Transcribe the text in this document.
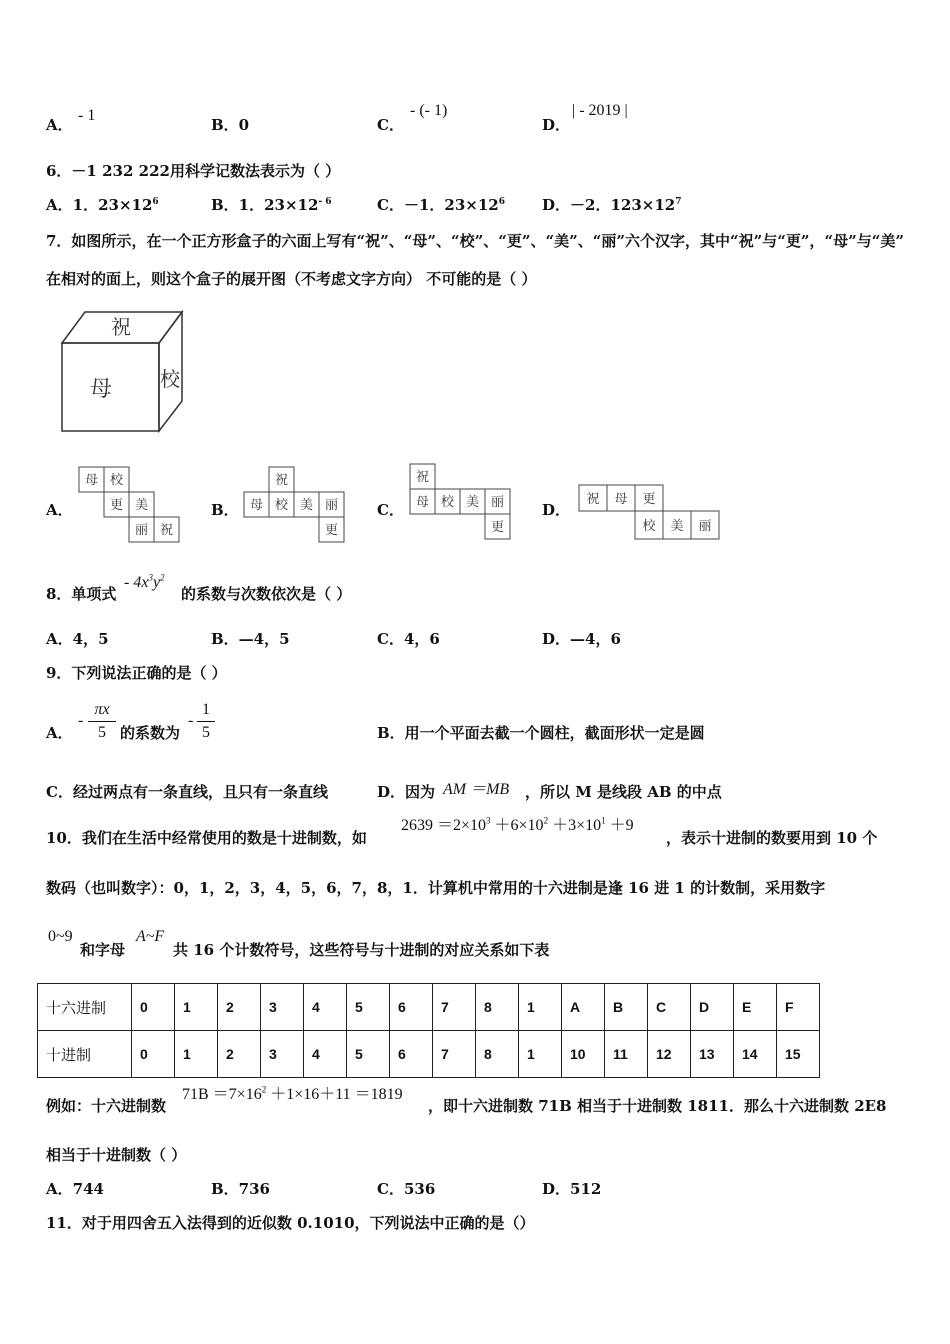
A．
- 1
B．0	C．
- (- 1)
D．
| - 2019 |
6．－1 232 222用科学记数法表示为（ ）
A．1．$23\times 12^6$	B．1．$23\times 12^{- 6}$	C．－1．$23\times 12^6$ D．－2．$123\times 12^7$
7．如图所示，在一个正方形盒子的六面上写有“祝”、“母”、“校”、“更”、“美”、“丽”六个汉字，其中“祝”与“更”，“母”与“美”
在相对的面上，则这个盒子的展开图（不考虑文字方向） 不可能的是（ ）
祝
母 校
A．	B．	C．	D．
母 校
更 美
丽 祝
祝
母 校 美 丽
更
祝
母 校 美 丽
更
祝 母 更
校 美 丽
8．单项式
- $4x^3y^2$
的系数与次数依次是（ ）
A．4，5	B．—4，5	C．4，6	D．—4，6
9．下列说法正确的是（ ）
A．
-
πx
5 的系数为
-
1
5	B．用一个平面去截一个圆柱，截面形状一定是圆
C．经过两点有一条直线，且只有一条直线	D．因为 AM ＝MB ，所以 M 是线段 AB 的中点
10．我们在生活中经常使用的数是十进制数，如
$2639 =2\times 10^3 +6\times 10^2 +3\times 10^1 +9$
，表示十进制的数要用到 10 个
数码（也叫数字）：0，1，2，3，4，5，6，7，8，1．计算机中常用的十六进制是逢 16 进 1 的计数制，采用数字
0~9
和字母
A~F
共 16 个计数符号，这些符号与十进制的对应关系如下表
十六进制	0	1	2	3	4	5	6	7	8	1	A	B	C	D	E	F
十进制	0	1	2	3	4	5	6	7	8	1	10	11	12	13	14	15
例如：十六进制数
$71B =7\times 16^2 +1\times 16+11 =1819$
，即十六进制数 71B 相当于十进制数 1811．那么十六进制数 2E8
相当于十进制数（ ）
A．744	B．736	C．536	D．512
11．对于用四舍五入法得到的近似数 0.1010，下列说法中正确的是（）
